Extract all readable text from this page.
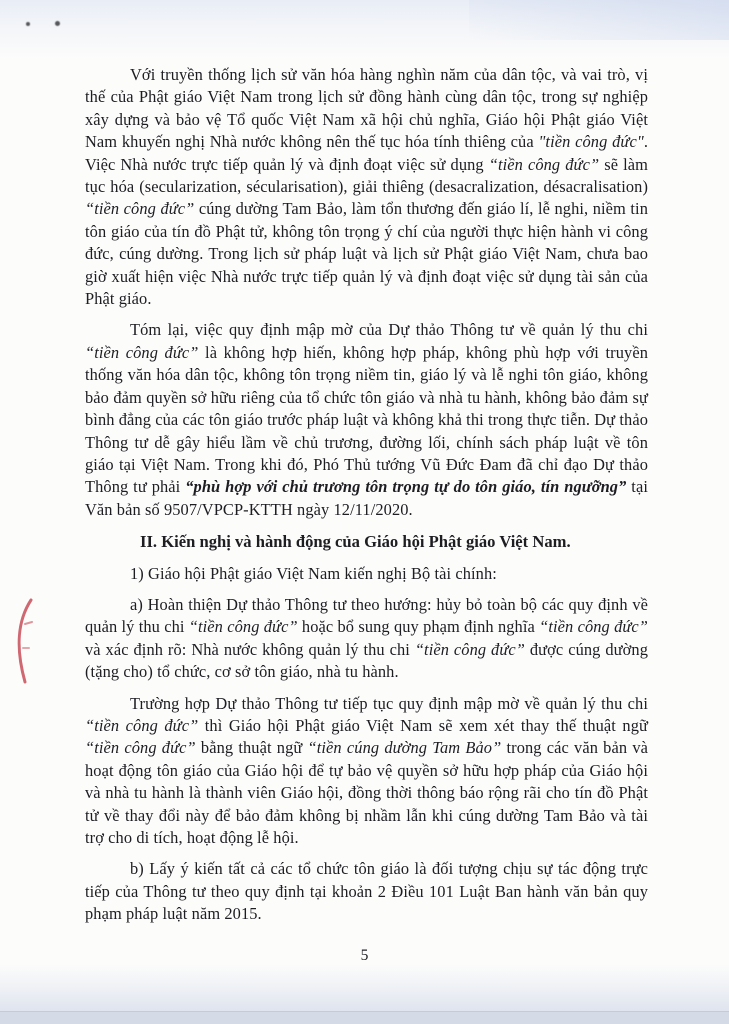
Với truyền thống lịch sử văn hóa hàng nghìn năm của dân tộc, và vai trò, vị thế của Phật giáo Việt Nam trong lịch sử đồng hành cùng dân tộc, trong sự nghiệp xây dựng và bảo vệ Tổ quốc Việt Nam xã hội chủ nghĩa, Giáo hội Phật giáo Việt Nam khuyến nghị Nhà nước không nên thế tục hóa tính thiêng của "tiền công đức". Việc Nhà nước trực tiếp quản lý và định đoạt việc sử dụng “tiền công đức” sẽ làm tục hóa (secularization, sécularisation), giải thiêng (desacralization, désacralisation) “tiền công đức” cúng dường Tam Bảo, làm tổn thương đến giáo lí, lễ nghi, niềm tin tôn giáo của tín đồ Phật tử, không tôn trọng ý chí của người thực hiện hành vi công đức, cúng dường. Trong lịch sử pháp luật và lịch sử Phật giáo Việt Nam, chưa bao giờ xuất hiện việc Nhà nước trực tiếp quản lý và định đoạt việc sử dụng tài sản của Phật giáo.

Tóm lại, việc quy định mập mờ của Dự thảo Thông tư về quản lý thu chi “tiền công đức” là không hợp hiến, không hợp pháp, không phù hợp với truyền thống văn hóa dân tộc, không tôn trọng niềm tin, giáo lý và lễ nghi tôn giáo, không bảo đảm quyền sở hữu riêng của tổ chức tôn giáo và nhà tu hành, không bảo đảm sự bình đẳng của các tôn giáo trước pháp luật và không khả thi trong thực tiễn. Dự thảo Thông tư dễ gây hiểu lầm về chủ trương, đường lối, chính sách pháp luật về tôn giáo tại Việt Nam. Trong khi đó, Phó Thủ tướng Vũ Đức Đam đã chỉ đạo Dự thảo Thông tư phải “phù hợp với chủ trương tôn trọng tự do tôn giáo, tín ngưỡng” tại Văn bản số 9507/VPCP-KTTH ngày 12/11/2020.

II. Kiến nghị và hành động của Giáo hội Phật giáo Việt Nam.

1) Giáo hội Phật giáo Việt Nam kiến nghị Bộ tài chính:

a) Hoàn thiện Dự thảo Thông tư theo hướng: hủy bỏ toàn bộ các quy định về quản lý thu chi “tiền công đức” hoặc bổ sung quy phạm định nghĩa “tiền công đức” và xác định rõ: Nhà nước không quản lý thu chi “tiền công đức” được cúng dường (tặng cho) tổ chức, cơ sở tôn giáo, nhà tu hành.

Trường hợp Dự thảo Thông tư tiếp tục quy định mập mờ về quản lý thu chi “tiền công đức” thì Giáo hội Phật giáo Việt Nam sẽ xem xét thay thế thuật ngữ “tiền công đức” bằng thuật ngữ “tiền cúng dường Tam Bảo” trong các văn bản và hoạt động tôn giáo của Giáo hội để tự bảo vệ quyền sở hữu hợp pháp của Giáo hội và nhà tu hành là thành viên Giáo hội, đồng thời thông báo rộng rãi cho tín đồ Phật tử về thay đổi này để bảo đảm không bị nhầm lẫn khi cúng dường Tam Bảo và tài trợ cho di tích, hoạt động lễ hội.

b) Lấy ý kiến tất cả các tổ chức tôn giáo là đối tượng chịu sự tác động trực tiếp của Thông tư theo quy định tại khoản 2 Điều 101 Luật Ban hành văn bản quy phạm pháp luật năm 2015.

5
